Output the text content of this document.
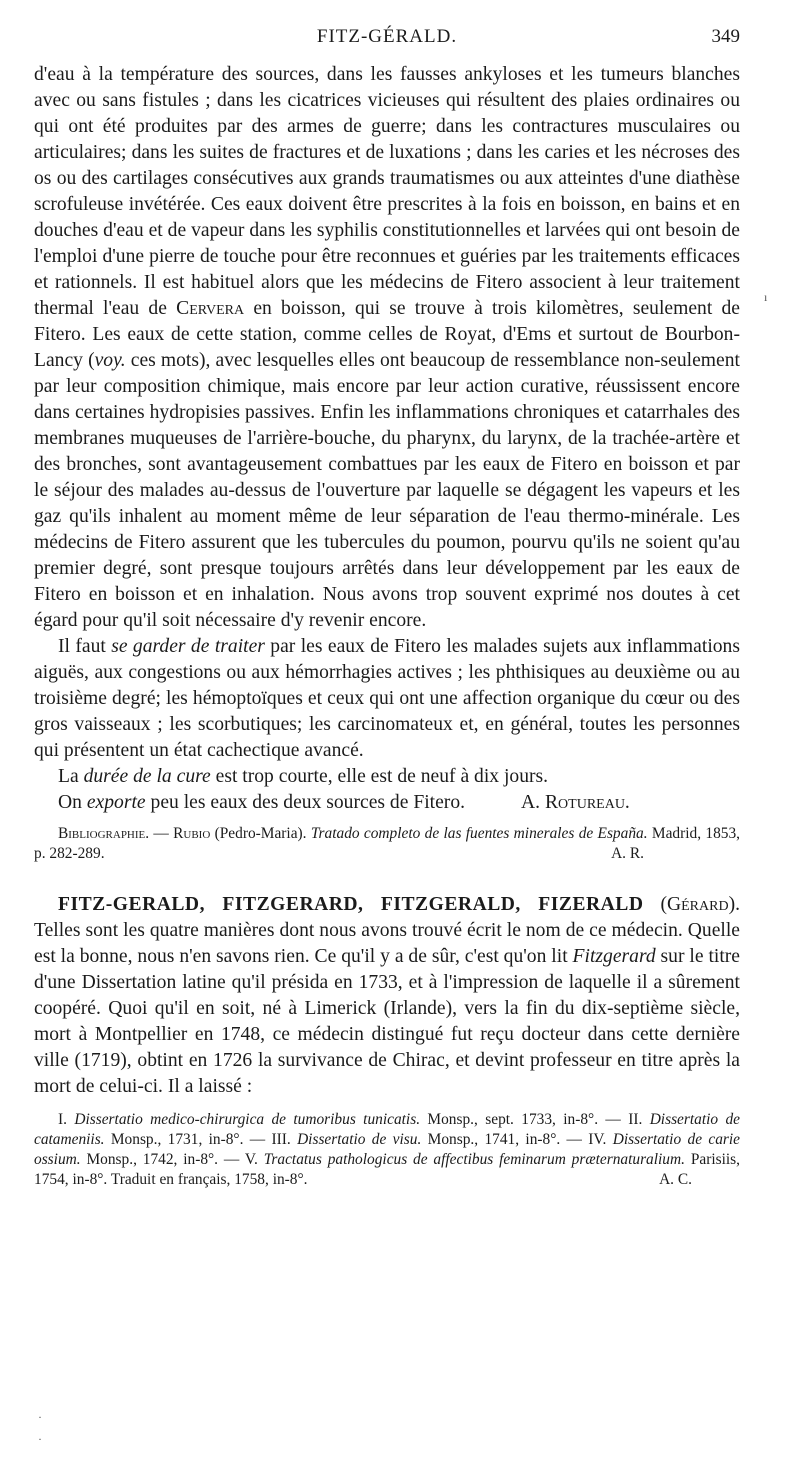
FITZ-GÉRALD.	349

d'eau à la température des sources, dans les fausses ankyloses et les tumeurs blanches avec ou sans fistules ; dans les cicatrices vicieuses qui résultent des plaies ordinaires ou qui ont été produites par des armes de guerre; dans les contractures musculaires ou articulaires; dans les suites de fractures et de luxations ; dans les caries et les nécroses des os ou des cartilages consécutives aux grands traumatismes ou aux atteintes d'une diathèse scrofuleuse invétérée. Ces eaux doivent être prescrites à la fois en boisson, en bains et en douches d'eau et de vapeur dans les syphilis constitutionnelles et larvées qui ont besoin de l'emploi d'une pierre de touche pour être reconnues et guéries par les traitements efficaces et rationnels. Il est habituel alors que les médecins de Fitero associent à leur traitement thermal l'eau de Cervera en boisson, qui se trouve à trois kilomètres, seulement de Fitero. Les eaux de cette station, comme celles de Royat, d'Ems et surtout de Bourbon-Lancy (voy. ces mots), avec lesquelles elles ont beaucoup de ressemblance non-seulement par leur composition chimique, mais encore par leur action curative, réussissent encore dans certaines hydropisies passives. Enfin les inflammations chroniques et catarrhales des membranes muqueuses de l'arrière-bouche, du pharynx, du larynx, de la trachée-artère et des bronches, sont avantageusement combattues par les eaux de Fitero en boisson et par le séjour des malades au-dessus de l'ouverture par laquelle se dégagent les vapeurs et les gaz qu'ils inhalent au moment même de leur séparation de l'eau thermo-minérale. Les médecins de Fitero assurent que les tubercules du poumon, pourvu qu'ils ne soient qu'au premier degré, sont presque toujours arrêtés dans leur développement par les eaux de Fitero en boisson et en inhalation. Nous avons trop souvent exprimé nos doutes à cet égard pour qu'il soit nécessaire d'y revenir encore.

Il faut se garder de traiter par les eaux de Fitero les malades sujets aux inflammations aiguës, aux congestions ou aux hémorrhagies actives ; les phthisiques au deuxième ou au troisième degré; les hémoptoïques et ceux qui ont une affection organique du cœur ou des gros vaisseaux ; les scorbutiques; les carcinomateux et, en général, toutes les personnes qui présentent un état cachectique avancé.

La durée de la cure est trop courte, elle est de neuf à dix jours.

On exporte peu les eaux des deux sources de Fitero.	A. Rotureau.

Bibliographie. — Rubio (Pedro-Maria). Tratado completo de las fuentes minerales de España. Madrid, 1853, p. 282-289.	A. R.

FITZ-GERALD, FITZGERARD, FITZGERALD, FIZERALD (Gérard). Telles sont les quatre manières dont nous avons trouvé écrit le nom de ce médecin. Quelle est la bonne, nous n'en savons rien. Ce qu'il y a de sûr, c'est qu'on lit Fitzgerard sur le titre d'une Dissertation latine qu'il présida en 1733, et à l'impression de laquelle il a sûrement coopéré. Quoi qu'il en soit, né à Limerick (Irlande), vers la fin du dix-septième siècle, mort à Montpellier en 1748, ce médecin distingué fut reçu docteur dans cette dernière ville (1719), obtint en 1726 la survivance de Chirac, et devint professeur en titre après la mort de celui-ci. Il a laissé :

I. Dissertatio medico-chirurgica de tumoribus tunicatis. Monsp., sept. 1733, in-8°. — II. Dissertatio de catameniis. Monsp., 1731, in-8°. — III. Dissertatio de visu. Monsp., 1741, in-8°. — IV. Dissertatio de carie ossium. Monsp., 1742, in-8°. — V. Tractatus pathologicus de affectibus feminarum præternaturalium. Parisiis, 1754, in-8°. Traduit en français, 1758, in-8°.	A. C.

ı
·
·
